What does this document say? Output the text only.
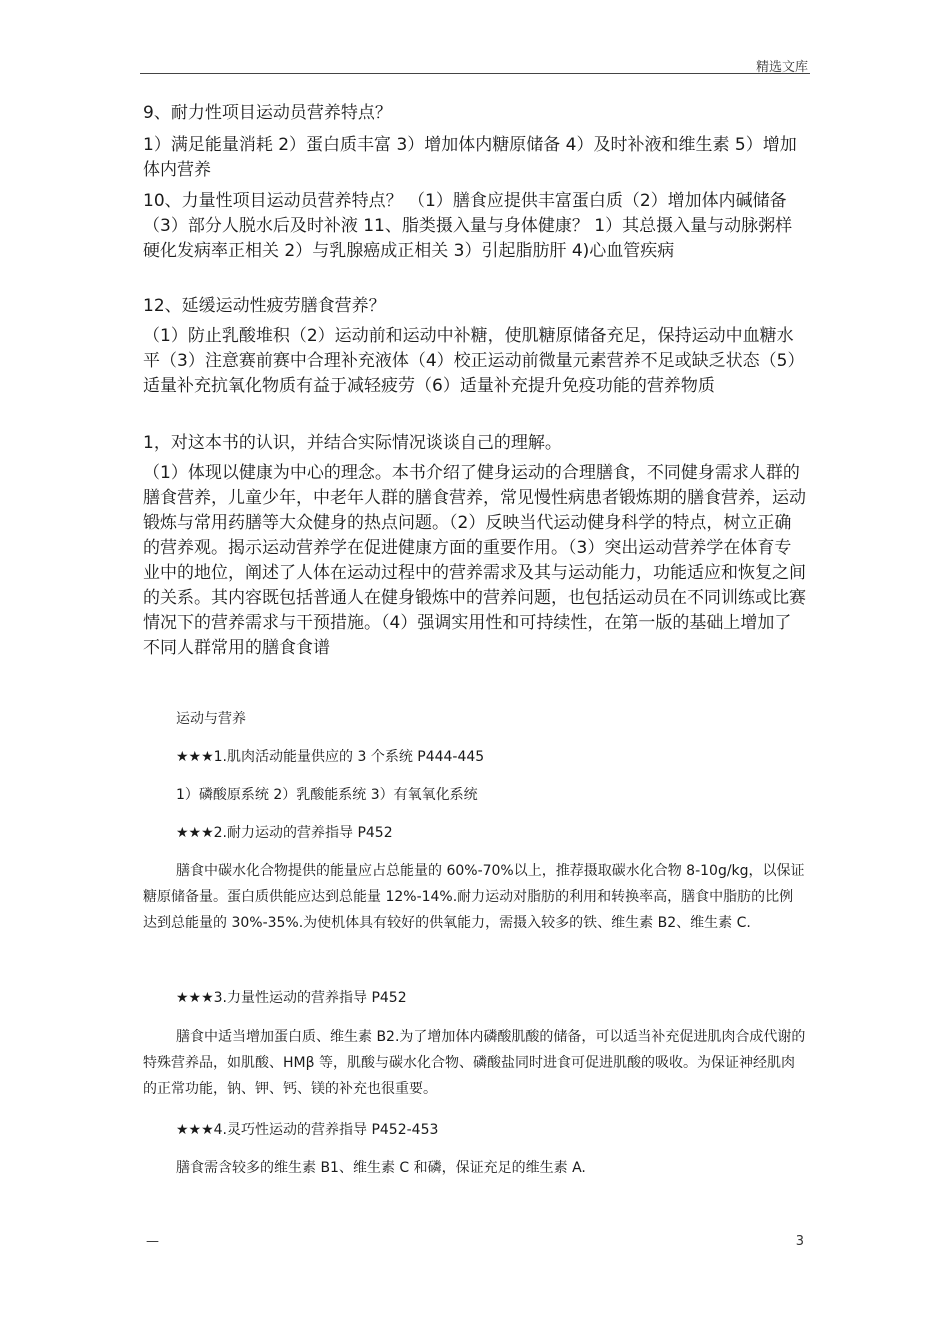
精选文库

9、耐力性项目运动员营养特点？

1）满足能量消耗 2）蛋白质丰富 3）增加体内糖原储备 4）及时补液和维生素 5）增加体内营养

10、力量性项目运动员营养特点？ （1）膳食应提供丰富蛋白质（2）增加体内碱储备（3）部分人脱水后及时补液 11、脂类摄入量与身体健康？ 1）其总摄入量与动脉粥样硬化发病率正相关 2）与乳腺癌成正相关 3）引起脂肪肝 4)心血管疾病

12、延缓运动性疲劳膳食营养？

（1）防止乳酸堆积（2）运动前和运动中补糖，使肌糖原储备充足，保持运动中血糖水平（3）注意赛前赛中合理补充液体（4）校正运动前微量元素营养不足或缺乏状态（5）适量补充抗氧化物质有益于减轻疲劳（6）适量补充提升免疫功能的营养物质

1，对这本书的认识，并结合实际情况谈谈自己的理解。

（1）体现以健康为中心的理念。本书介绍了健身运动的合理膳食，不同健身需求人群的膳食营养，儿童少年，中老年人群的膳食营养，常见慢性病患者锻炼期的膳食营养，运动锻炼与常用药膳等大众健身的热点问题。（2）反映当代运动健身科学的特点，树立正确的营养观。揭示运动营养学在促进健康方面的重要作用。（3）突出运动营养学在体育专业中的地位，阐述了人体在运动过程中的营养需求及其与运动能力，功能适应和恢复之间的关系。其内容既包括普通人在健身锻炼中的营养问题，也包括运动员在不同训练或比赛情况下的营养需求与干预措施。（4）强调实用性和可持续性，在第一版的基础上增加了不同人群常用的膳食食谱

运动与营养

★★★1.肌肉活动能量供应的 3 个系统 P444-445

1）磷酸原系统 2）乳酸能系统 3）有氧氧化系统

★★★2.耐力运动的营养指导 P452

膳食中碳水化合物提供的能量应占总能量的 60%-70%以上，推荐摄取碳水化合物 8-10g/kg，以保证糖原储备量。蛋白质供能应达到总能量 12%-14%.耐力运动对脂肪的利用和转换率高，膳食中脂肪的比例达到总能量的 30%-35%.为使机体具有较好的供氧能力，需摄入较多的铁、维生素 B2、维生素 C.

★★★3.力量性运动的营养指导 P452

膳食中适当增加蛋白质、维生素 B2.为了增加体内磷酸肌酸的储备，可以适当补充促进肌肉合成代谢的特殊营养品，如肌酸、HMβ 等，肌酸与碳水化合物、磷酸盐同时进食可促进肌酸的吸收。为保证神经肌肉的正常功能，钠、钾、钙、镁的补充也很重要。

★★★4.灵巧性运动的营养指导 P452-453

膳食需含较多的维生素 B1、维生素 C 和磷，保证充足的维生素 A.

—	3
